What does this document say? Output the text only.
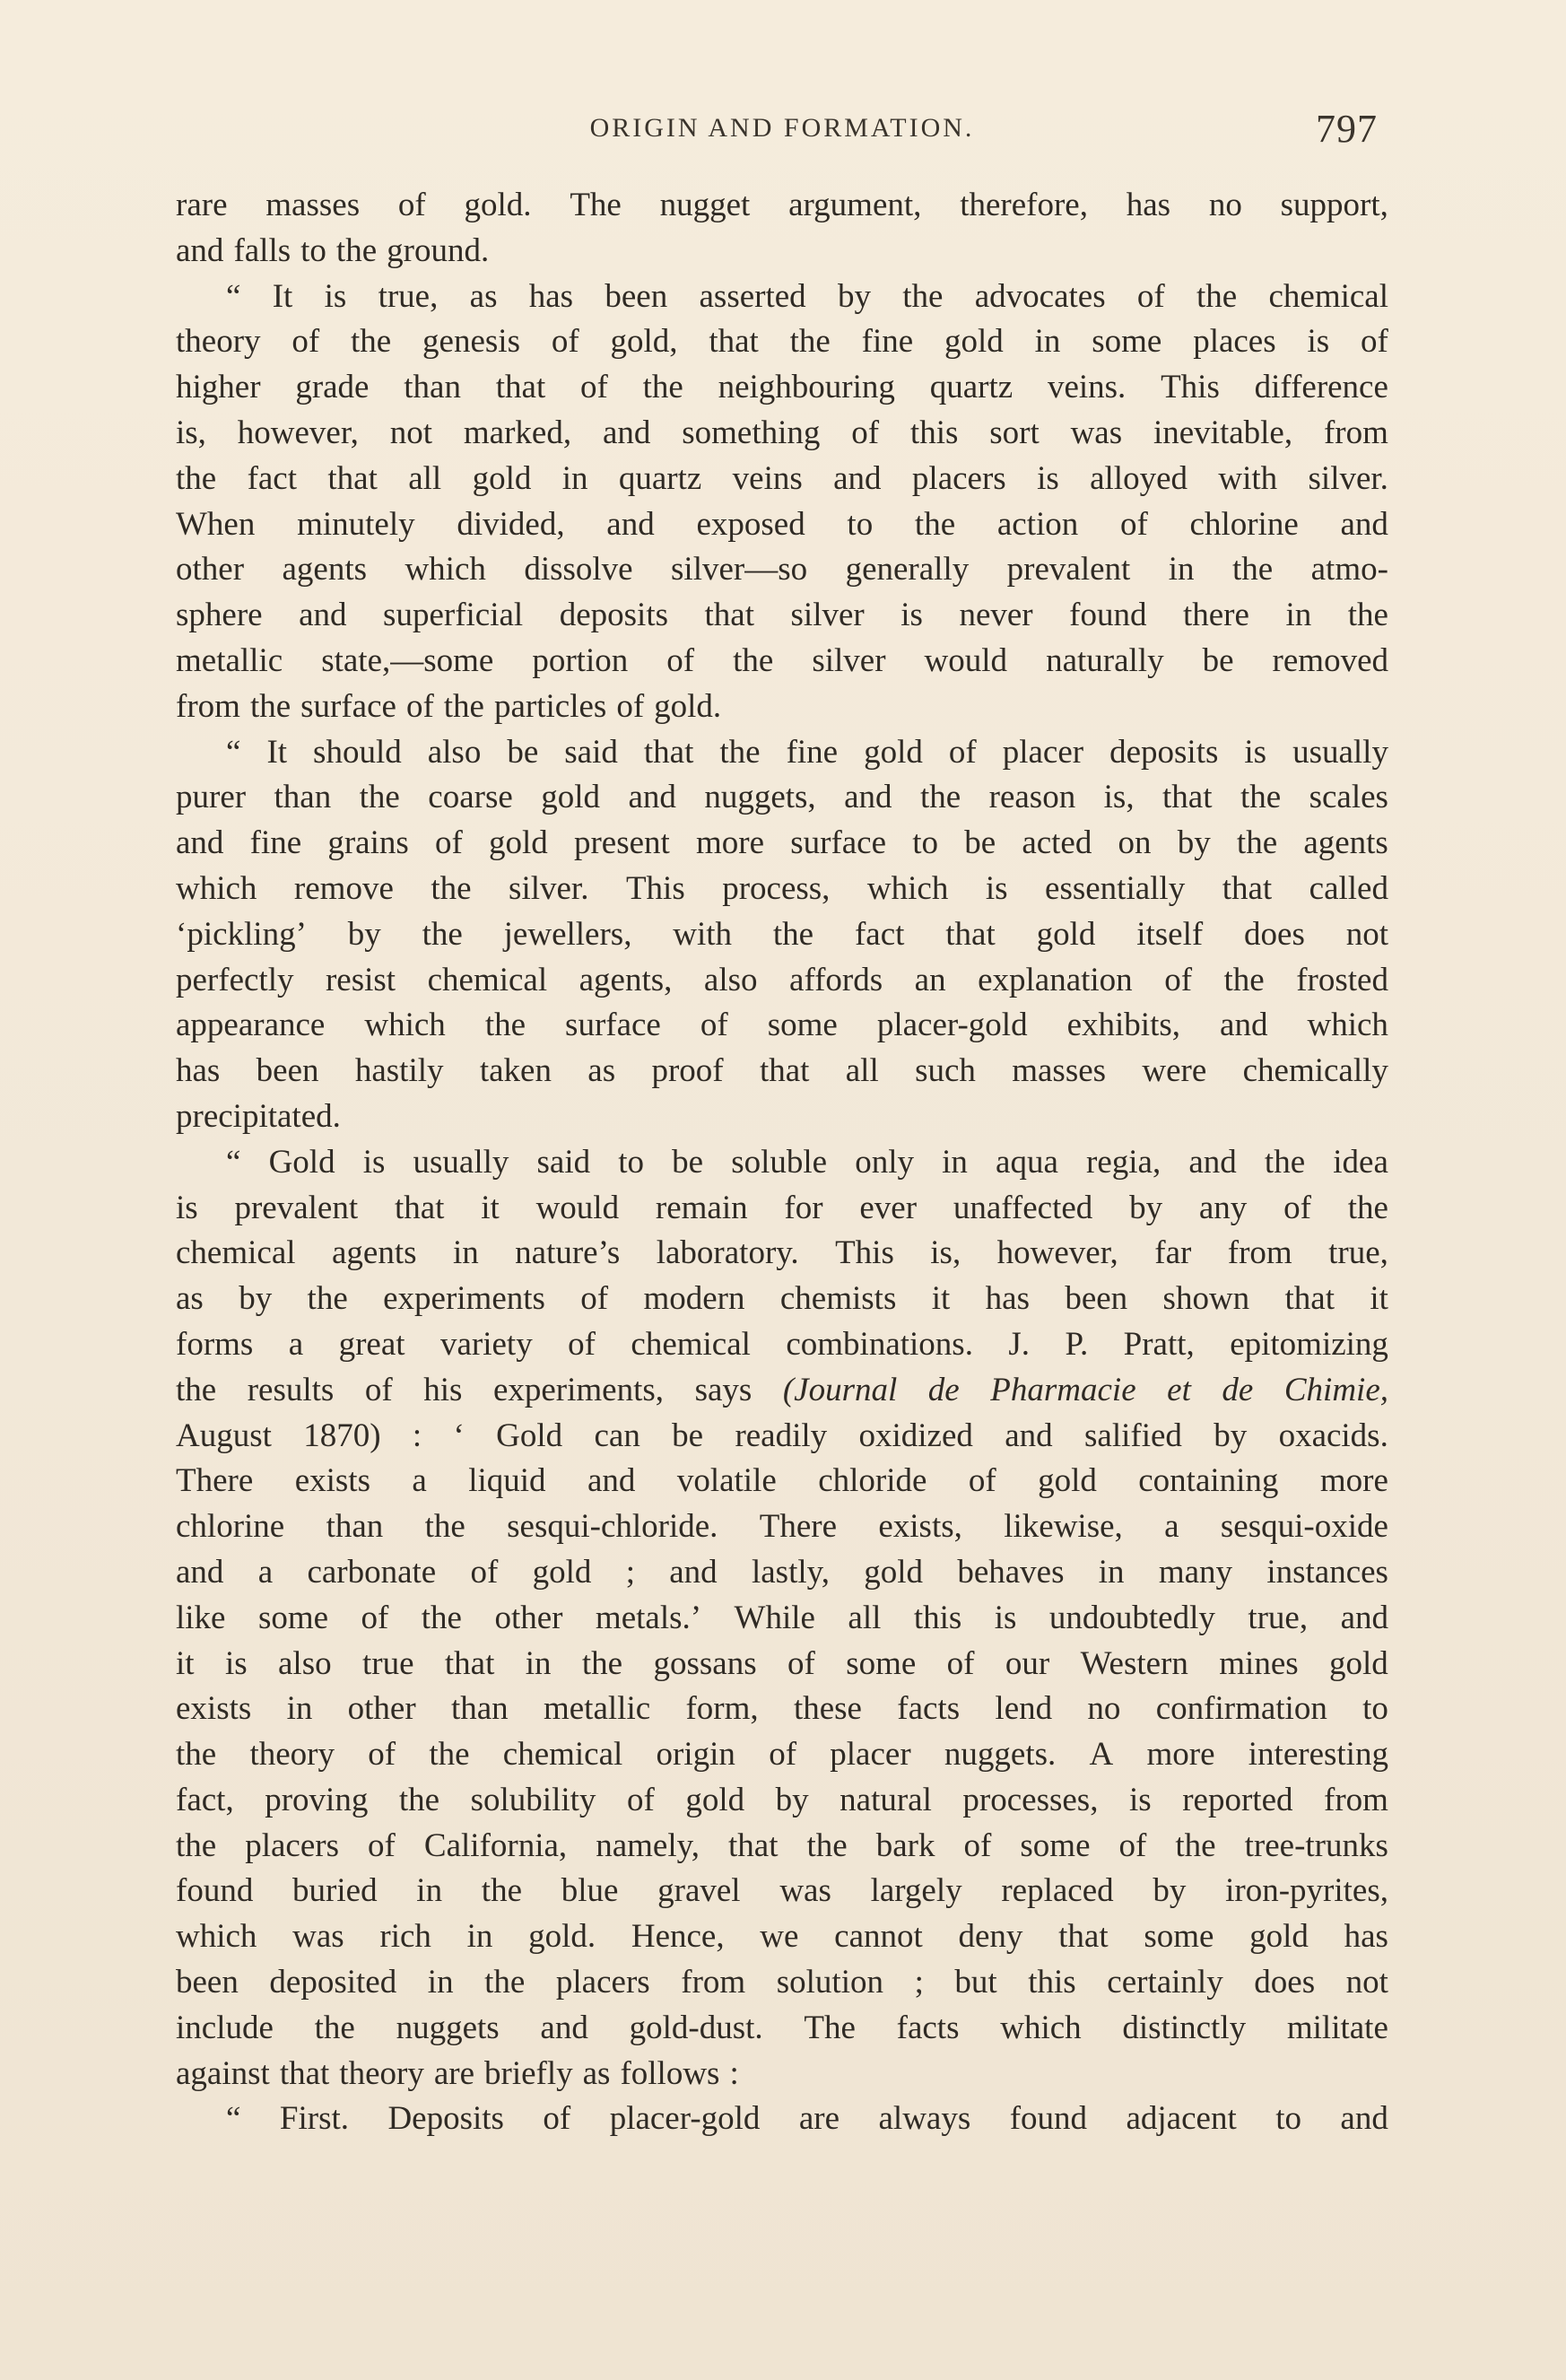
ORIGIN AND FORMATION.	797
rare masses of gold. The nugget argument, therefore, has no support,
and falls to the ground.
“ It is true, as has been asserted by the advocates of the chemical
theory of the genesis of gold, that the fine gold in some places is of
higher grade than that of the neighbouring quartz veins. This difference
is, however, not marked, and something of this sort was inevitable, from
the fact that all gold in quartz veins and placers is alloyed with silver.
When minutely divided, and exposed to the action of chlorine and
other agents which dissolve silver—so generally prevalent in the atmo-
sphere and superficial deposits that silver is never found there in the
metallic state,—some portion of the silver would naturally be removed
from the surface of the particles of gold.
“ It should also be said that the fine gold of placer deposits is usually
purer than the coarse gold and nuggets, and the reason is, that the scales
and fine grains of gold present more surface to be acted on by the agents
which remove the silver. This process, which is essentially that called
‘pickling’ by the jewellers, with the fact that gold itself does not
perfectly resist chemical agents, also affords an explanation of the frosted
appearance which the surface of some placer-gold exhibits, and which
has been hastily taken as proof that all such masses were chemically
precipitated.
“ Gold is usually said to be soluble only in aqua regia, and the idea
is prevalent that it would remain for ever unaffected by any of the
chemical agents in nature’s laboratory. This is, however, far from true,
as by the experiments of modern chemists it has been shown that it
forms a great variety of chemical combinations. J. P. Pratt, epitomizing
the results of his experiments, says (Journal de Pharmacie et de Chimie,
August 1870) : ‘ Gold can be readily oxidized and salified by oxacids.
There exists a liquid and volatile chloride of gold containing more
chlorine than the sesqui-chloride. There exists, likewise, a sesqui-oxide
and a carbonate of gold ; and lastly, gold behaves in many instances
like some of the other metals.’ While all this is undoubtedly true, and
it is also true that in the gossans of some of our Western mines gold
exists in other than metallic form, these facts lend no confirmation to
the theory of the chemical origin of placer nuggets. A more interesting
fact, proving the solubility of gold by natural processes, is reported from
the placers of California, namely, that the bark of some of the tree-trunks
found buried in the blue gravel was largely replaced by iron-pyrites,
which was rich in gold. Hence, we cannot deny that some gold has
been deposited in the placers from solution ; but this certainly does not
include the nuggets and gold-dust. The facts which distinctly militate
against that theory are briefly as follows :
“ First. Deposits of placer-gold are always found adjacent to and
